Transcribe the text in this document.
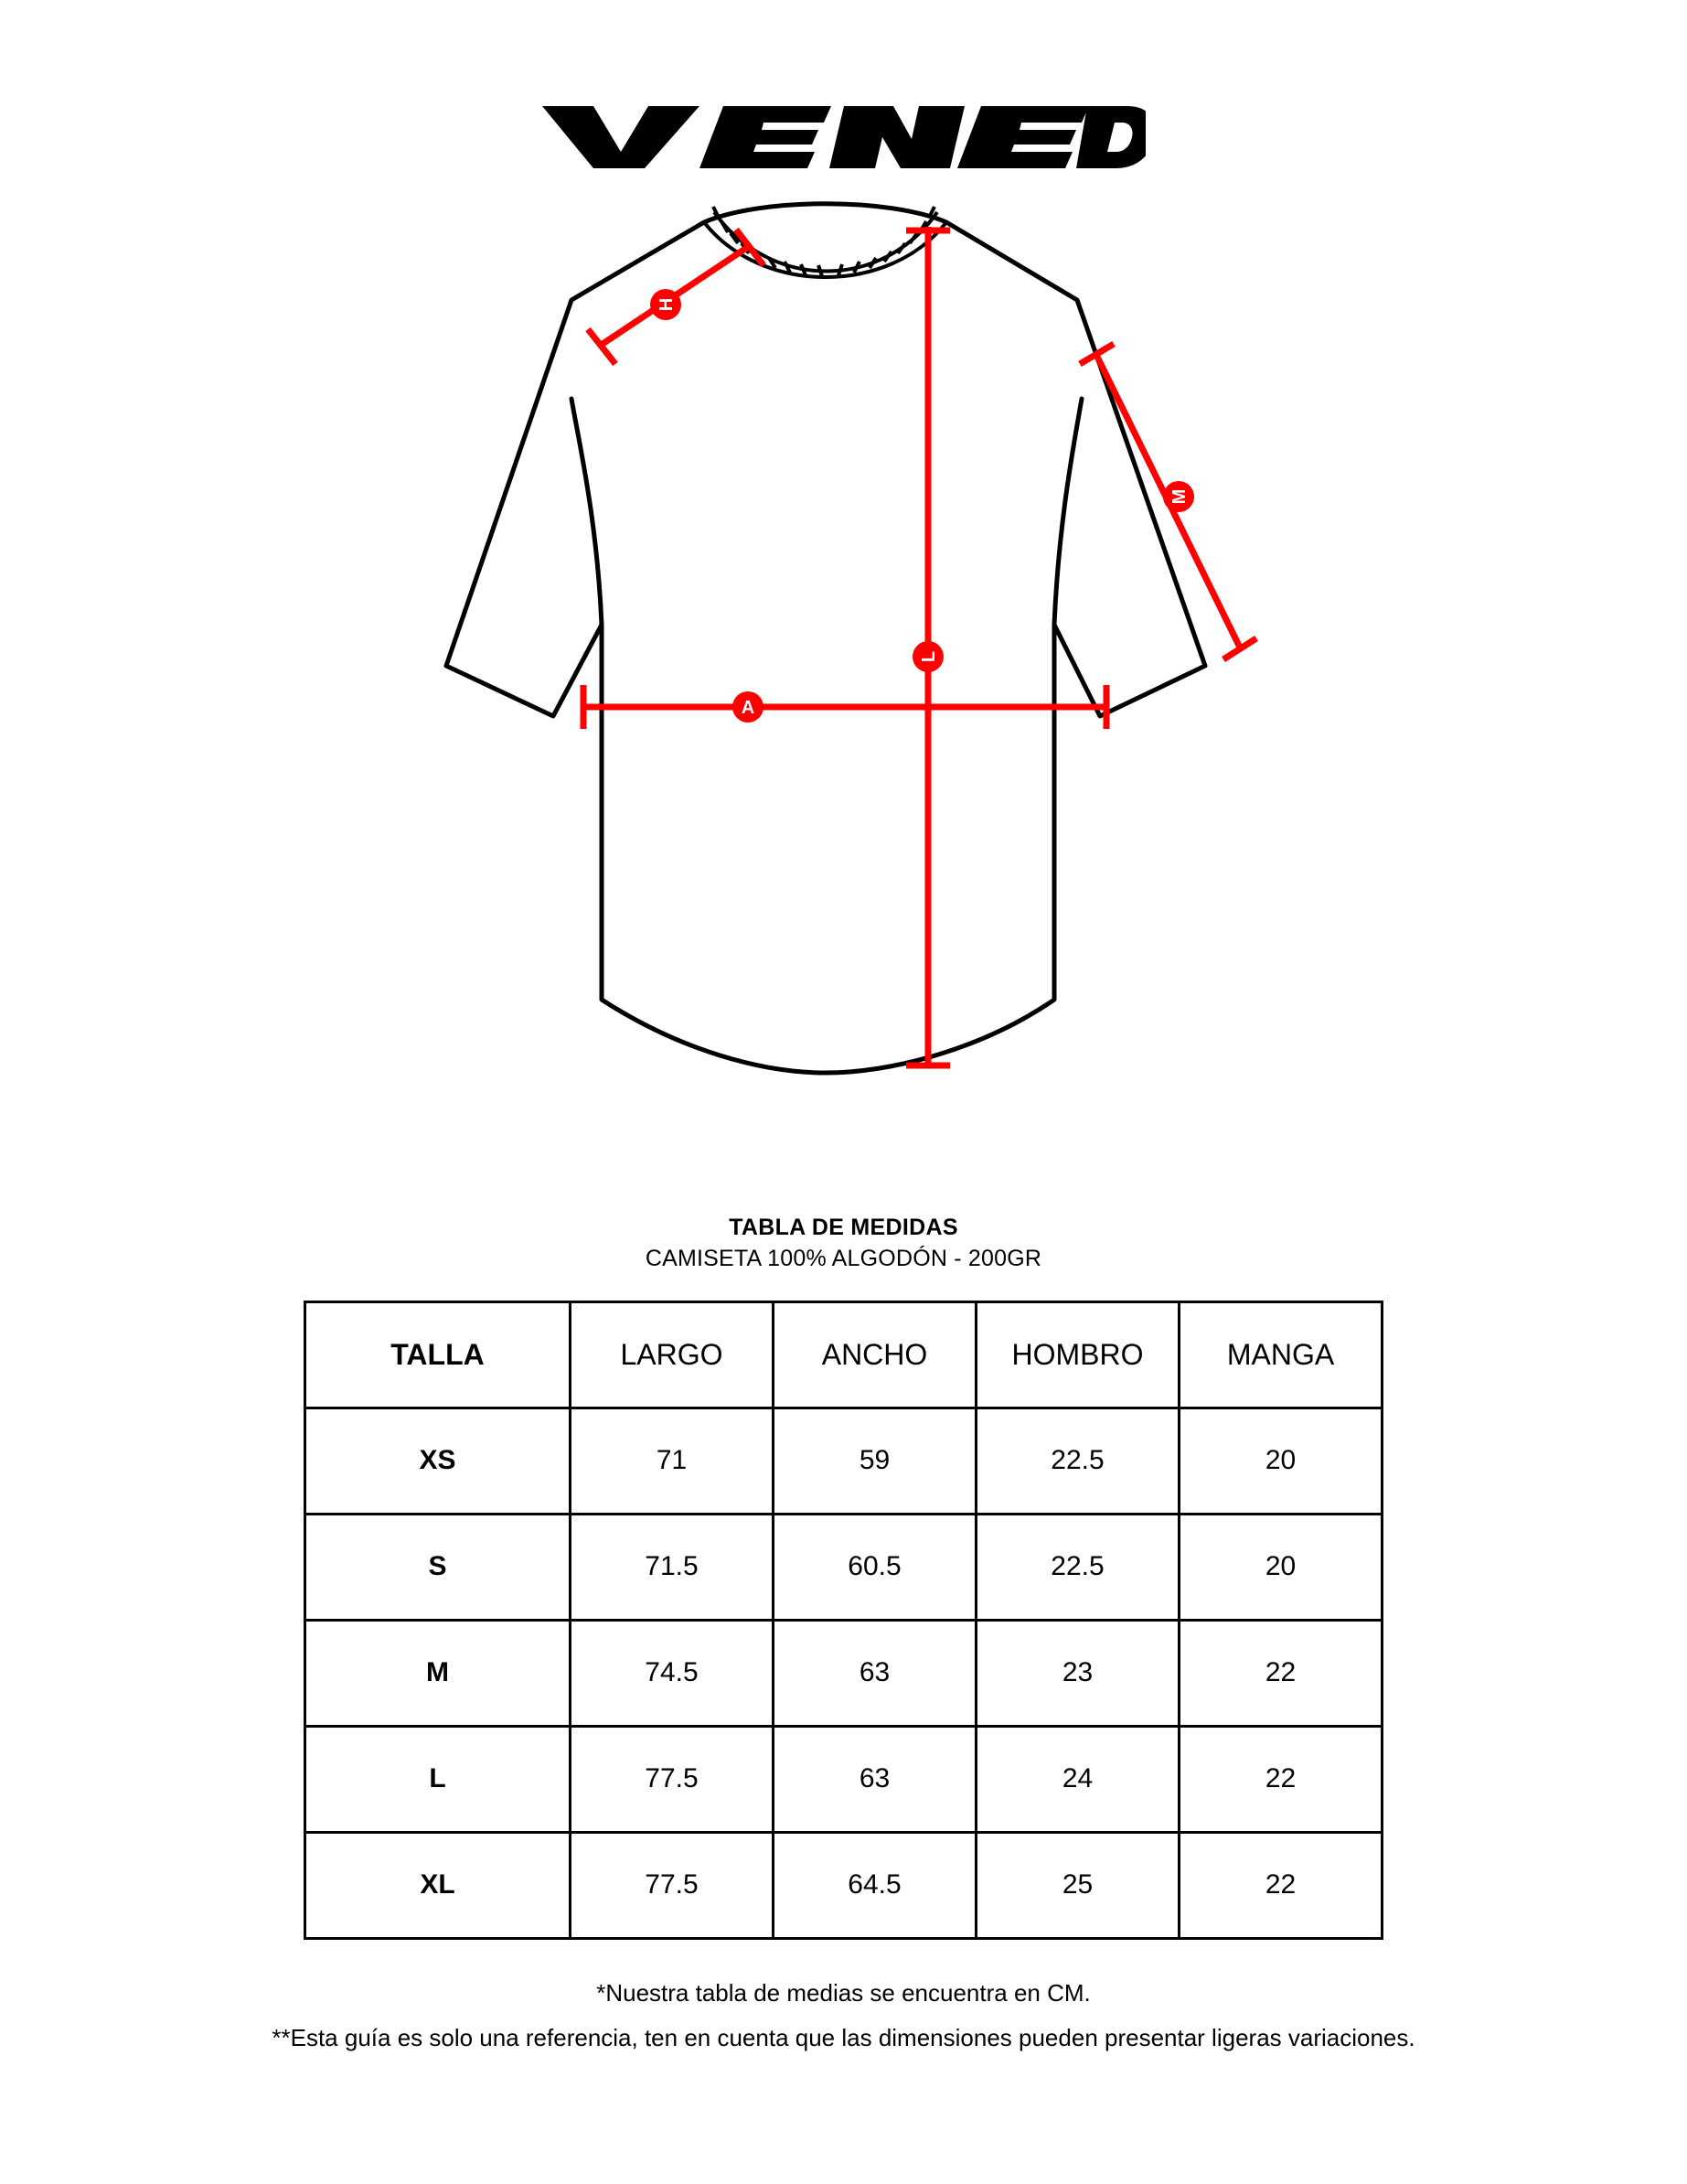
H
M
L
A
TABLA DE MEDIDAS
CAMISETA 100% ALGODÓN - 200GR
TALLA	LARGO	ANCHO	HOMBRO	MANGA
XS	71	59	22.5	20
S	71.5	60.5	22.5	20
M	74.5	63	23	22
L	77.5	63	24	22
XL	77.5	64.5	25	22
*Nuestra tabla de medias se encuentra en CM.
**Esta guía es solo una referencia, ten en cuenta que las dimensiones pueden presentar ligeras variaciones.
